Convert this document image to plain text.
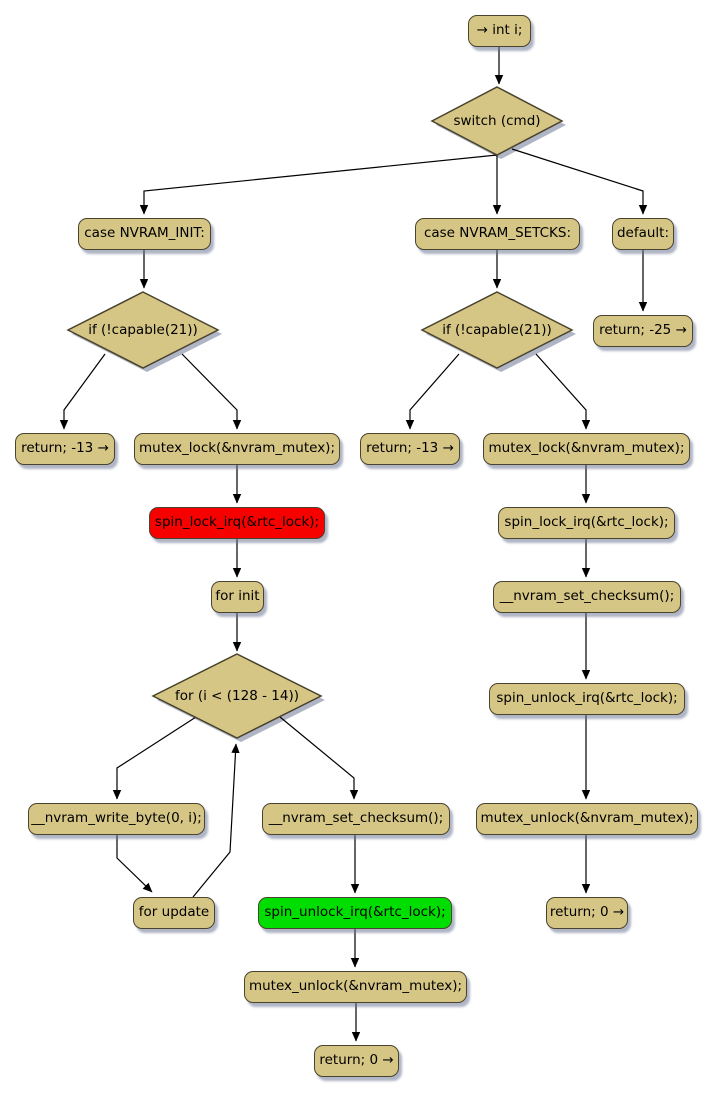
switch (cmd)
if (!capable(21))	if (!capable(21))
for (i < (128 - 14))
→ int i;
case NVRAM_INIT:	case NVRAM_SETCKS:	default:
return; -25 →
return; -13 →	mutex_lock(&nvram_mutex);	return; -13 →	mutex_lock(&nvram_mutex);
spin_lock_irq(&rtc_lock);	spin_lock_irq(&rtc_lock);
for init	__nvram_set_checksum();
spin_unlock_irq(&rtc_lock);
__nvram_write_byte(0, i);	__nvram_set_checksum();	mutex_unlock(&nvram_mutex);
for update	spin_unlock_irq(&rtc_lock);	return; 0 →
mutex_unlock(&nvram_mutex);
return; 0 →
